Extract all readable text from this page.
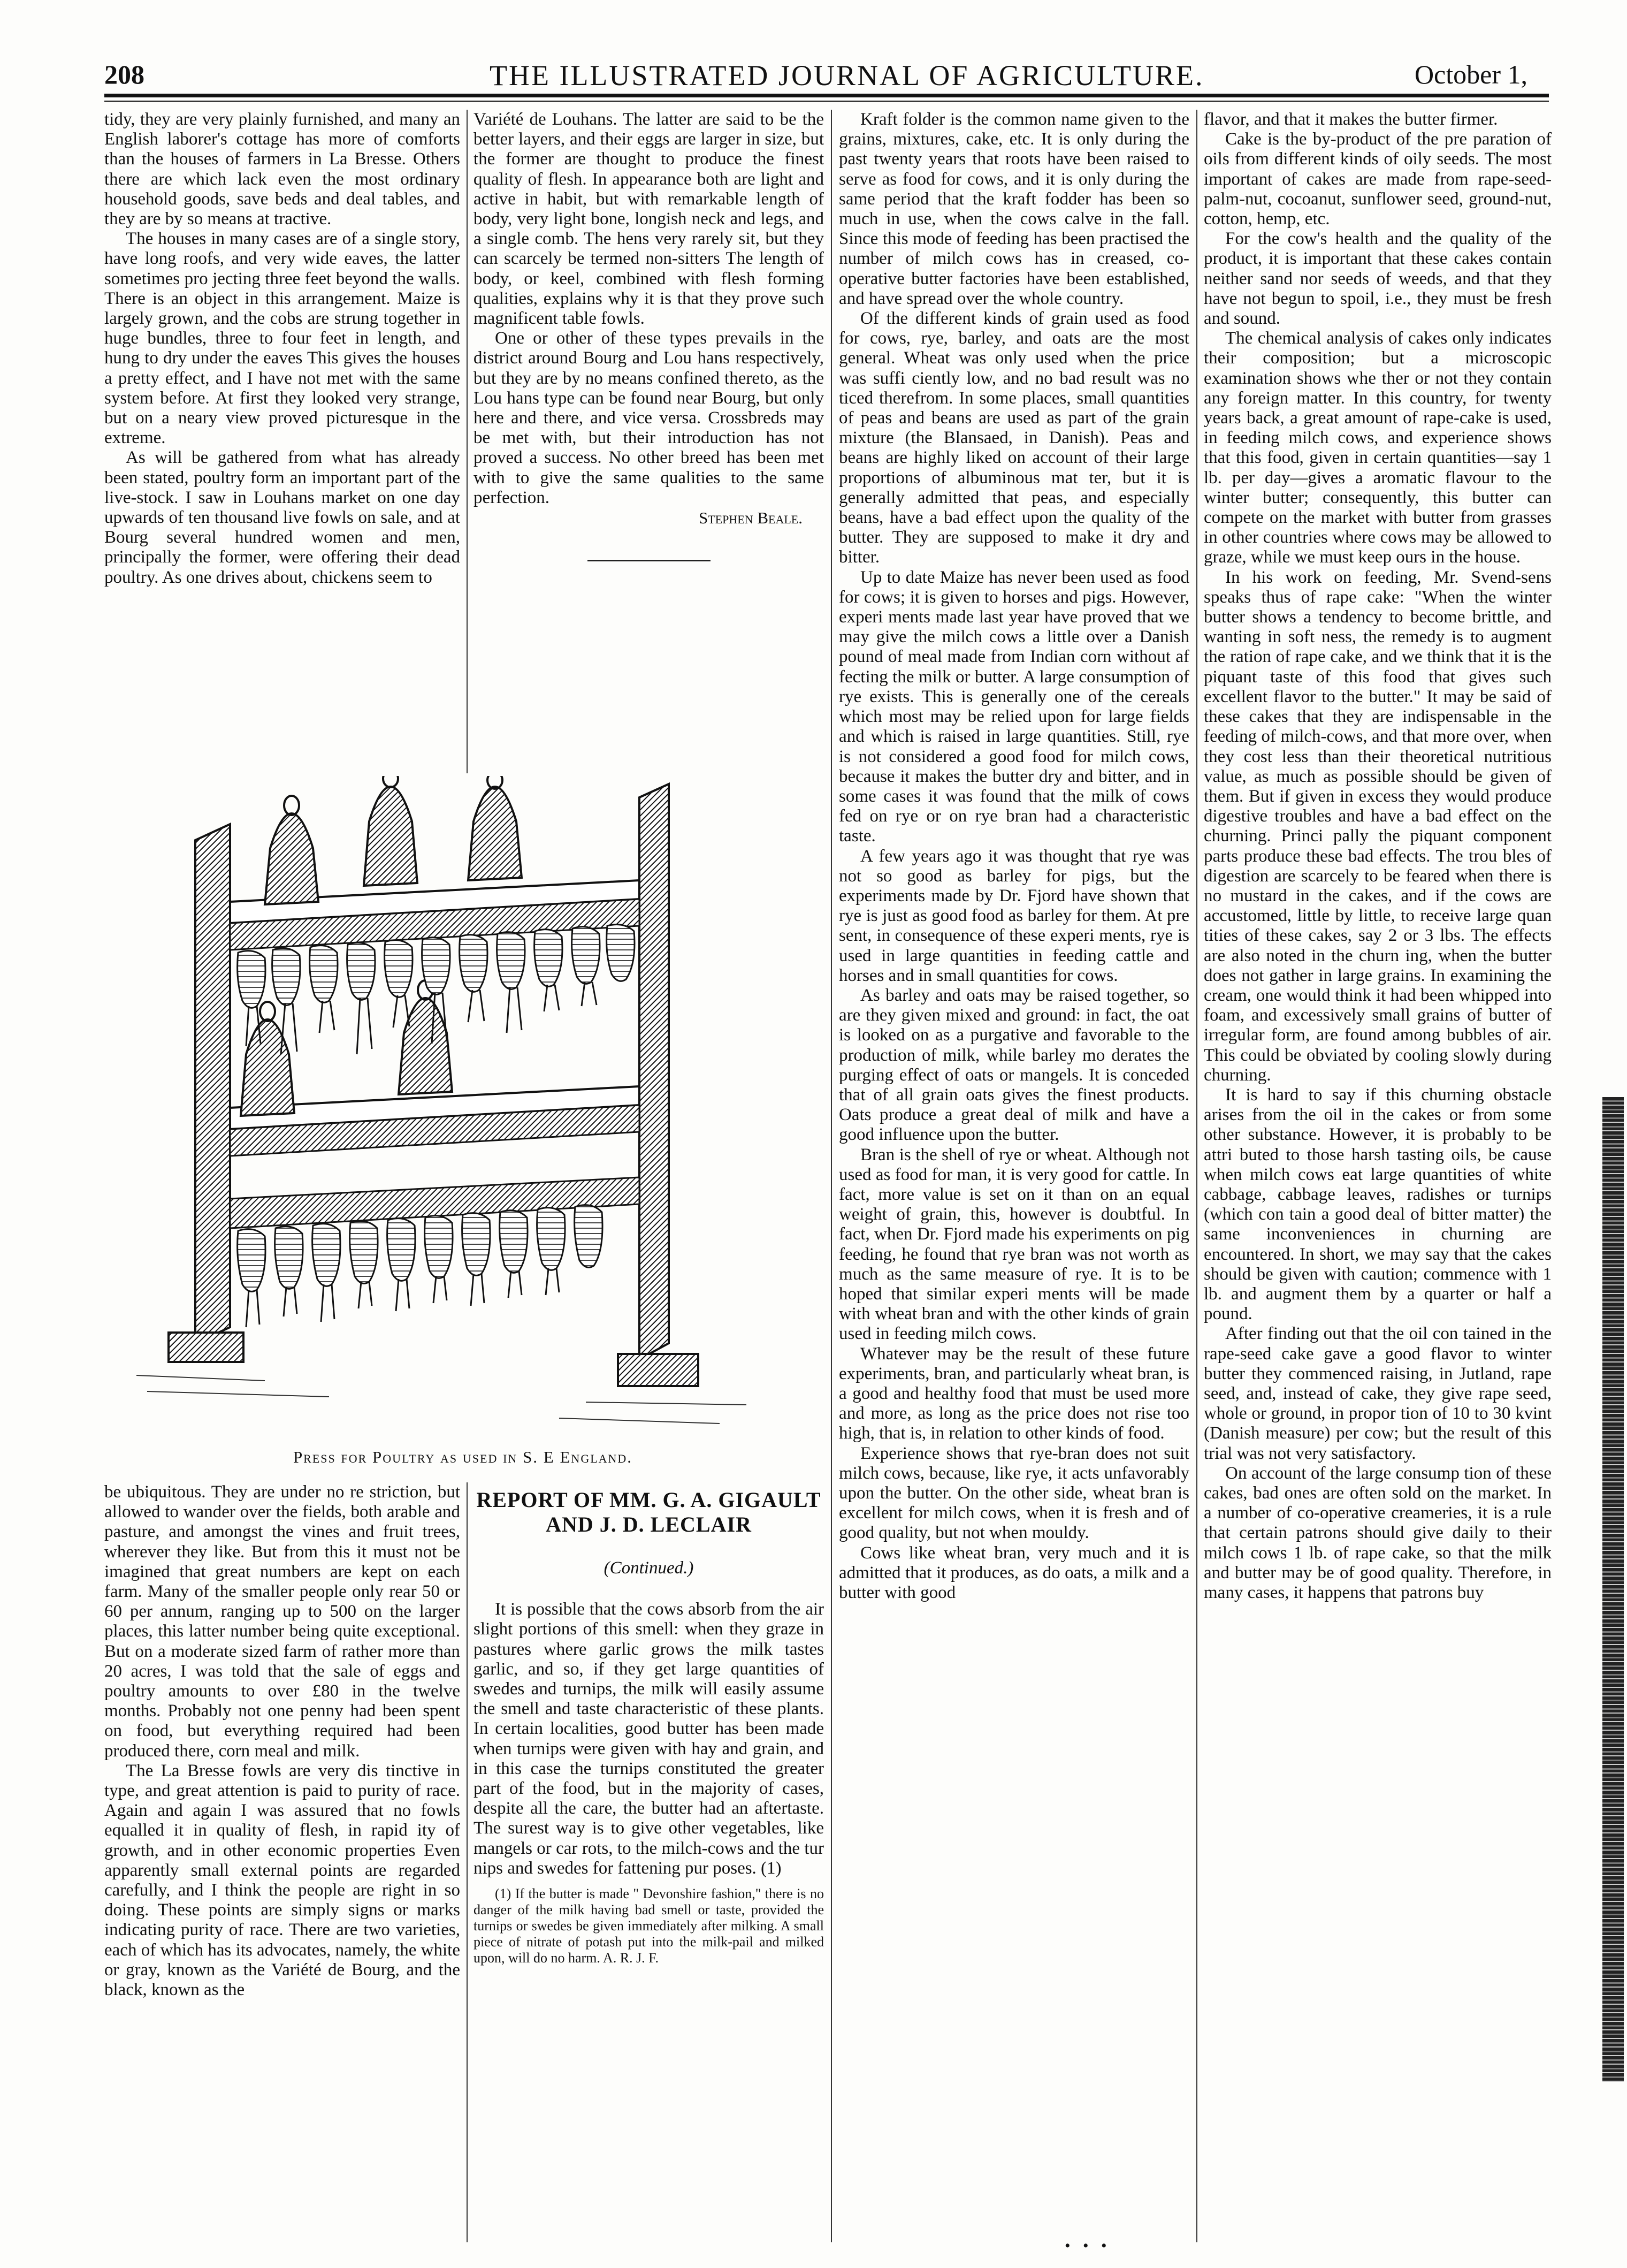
208	THE ILLUSTRATED JOURNAL OF AGRICULTURE.	October 1,

tidy, they are very plainly furnished, and many an English laborer's cottage has more of comforts than the houses of farmers in La Bresse. Others there are which lack even the most ordinary household goods, save beds and deal tables, and they are by so means at tractive.

The houses in many cases are of a single story, have long roofs, and very wide eaves, the latter sometimes pro jecting three feet beyond the walls. There is an object in this arrangement. Maize is largely grown, and the cobs are strung together in huge bundles, three to four feet in length, and hung to dry under the eaves This gives the houses a pretty effect, and I have not met with the same system before. At first they looked very strange, but on a neary view proved picturesque in the extreme.

As will be gathered from what has already been stated, poultry form an important part of the live-stock. I saw in Louhans market on one day upwards of ten thousand live fowls on sale, and at Bourg several hundred women and men, principally the former, were offering their dead poultry. As one drives about, chickens seem to

Variété de Louhans. The latter are said to be the better layers, and their eggs are larger in size, but the former are thought to produce the finest quality of flesh. In appearance both are light and active in habit, but with remarkable length of body, very light bone, longish neck and legs, and a single comb. The hens very rarely sit, but they can scarcely be termed non-sitters The length of body, or keel, combined with flesh forming qualities, explains why it is that they prove such magnificent table fowls.

One or other of these types prevails in the district around Bourg and Lou hans respectively, but they are by no means confined thereto, as the Lou hans type can be found near Bourg, but only here and there, and vice versa. Crossbreds may be met with, but their introduction has not proved a success. No other breed has been met with to give the same qualities to the same perfection.

Stephen Beale.
Press for Poultry as used in S. E England.

be ubiquitous. They are under no re striction, but allowed to wander over the fields, both arable and pasture, and amongst the vines and fruit trees, wherever they like. But from this it must not be imagined that great numbers are kept on each farm. Many of the smaller people only rear 50 or 60 per annum, ranging up to 500 on the larger places, this latter number being quite exceptional. But on a moderate sized farm of rather more than 20 acres, I was told that the sale of eggs and poultry amounts to over £80 in the twelve months. Probably not one penny had been spent on food, but everything required had been produced there, corn meal and milk.

The La Bresse fowls are very dis tinctive in type, and great attention is paid to purity of race. Again and again I was assured that no fowls equalled it in quality of flesh, in rapid ity of growth, and in other economic properties Even apparently small external points are regarded carefully, and I think the people are right in so doing. These points are simply signs or marks indicating purity of race. There are two varieties, each of which has its advocates, namely, the white or gray, known as the Variété de Bourg, and the black, known as the

REPORT OF MM. G. A. GIGAULT AND J. D. LECLAIR
(Continued.)

It is possible that the cows absorb from the air slight portions of this smell: when they graze in pastures where garlic grows the milk tastes garlic, and so, if they get large quantities of swedes and turnips, the milk will easily assume the smell and taste characteristic of these plants. In certain localities, good butter has been made when turnips were given with hay and grain, and in this case the turnips constituted the greater part of the food, but in the majority of cases, despite all the care, the butter had an aftertaste. The surest way is to give other vegetables, like mangels or car rots, to the milch-cows and the tur nips and swedes for fattening pur poses. (1)

(1) If the butter is made " Devonshire fashion," there is no danger of the milk having bad smell or taste, provided the turnips or swedes be given immediately after milking. A small piece of nitrate of potash put into the milk-pail and milked upon, will do no harm. A. R. J. F.

Kraft folder is the common name given to the grains, mixtures, cake, etc. It is only during the past twenty years that roots have been raised to serve as food for cows, and it is only during the same period that the kraft fodder has been so much in use, when the cows calve in the fall. Since this mode of feeding has been practised the number of milch cows has in creased, co-operative butter factories have been established, and have spread over the whole country.

Of the different kinds of grain used as food for cows, rye, barley, and oats are the most general. Wheat was only used when the price was suffi ciently low, and no bad result was no ticed therefrom. In some places, small quantities of peas and beans are used as part of the grain mixture (the Blansaed, in Danish). Peas and beans are highly liked on account of their large proportions of albuminous mat ter, but it is generally admitted that peas, and especially beans, have a bad effect upon the quality of the butter. They are supposed to make it dry and bitter.

Up to date Maize has never been used as food for cows; it is given to horses and pigs. However, experi ments made last year have proved that we may give the milch cows a little over a Danish pound of meal made from Indian corn without af fecting the milk or butter. A large consumption of rye exists. This is generally one of the cereals which most may be relied upon for large fields and which is raised in large quantities. Still, rye is not considered a good food for milch cows, because it makes the butter dry and bitter, and in some cases it was found that the milk of cows fed on rye or on rye bran had a characteristic taste.

A few years ago it was thought that rye was not so good as barley for pigs, but the experiments made by Dr. Fjord have shown that rye is just as good food as barley for them. At pre sent, in consequence of these experi ments, rye is used in large quantities in feeding cattle and horses and in small quantities for cows.

As barley and oats may be raised together, so are they given mixed and ground: in fact, the oat is looked on as a purgative and favorable to the production of milk, while barley mo derates the purging effect of oats or mangels. It is conceded that of all grain oats gives the finest products. Oats produce a great deal of milk and have a good influence upon the butter.

Bran is the shell of rye or wheat. Although not used as food for man, it is very good for cattle. In fact, more value is set on it than on an equal weight of grain, this, however is doubtful. In fact, when Dr. Fjord made his experiments on pig feeding, he found that rye bran was not worth as much as the same measure of rye. It is to be hoped that similar experi ments will be made with wheat bran and with the other kinds of grain used in feeding milch cows.

Whatever may be the result of these future experiments, bran, and particularly wheat bran, is a good and healthy food that must be used more and more, as long as the price does not rise too high, that is, in relation to other kinds of food.

Experience shows that rye-bran does not suit milch cows, because, like rye, it acts unfavorably upon the butter. On the other side, wheat bran is excellent for milch cows, when it is fresh and of good quality, but not when mouldy.

Cows like wheat bran, very much and it is admitted that it produces, as do oats, a milk and a butter with good

flavor, and that it makes the butter firmer.

Cake is the by-product of the pre paration of oils from different kinds of oily seeds. The most important of cakes are made from rape-seed-palm-nut, cocoanut, sunflower seed, ground-nut, cotton, hemp, etc.

For the cow's health and the quality of the product, it is important that these cakes contain neither sand nor seeds of weeds, and that they have not begun to spoil, i.e., they must be fresh and sound.

The chemical analysis of cakes only indicates their composition; but a microscopic examination shows whe ther or not they contain any foreign matter. In this country, for twenty years back, a great amount of rape-cake is used, in feeding milch cows, and experience shows that this food, given in certain quantities—say 1 lb. per day—gives a aromatic flavour to the winter butter; consequently, this butter can compete on the market with butter from grasses in other countries where cows may be allowed to graze, while we must keep ours in the house.

In his work on feeding, Mr. Svend-sens speaks thus of rape cake: "When the winter butter shows a tendency to become brittle, and wanting in soft ness, the remedy is to augment the ration of rape cake, and we think that it is the piquant taste of this food that gives such excellent flavor to the butter." It may be said of these cakes that they are indispensable in the feeding of milch-cows, and that more over, when they cost less than their theoretical nutritious value, as much as possible should be given of them. But if given in excess they would produce digestive troubles and have a bad effect on the churning. Princi pally the piquant component parts produce these bad effects. The trou bles of digestion are scarcely to be feared when there is no mustard in the cakes, and if the cows are accustomed, little by little, to receive large quan tities of these cakes, say 2 or 3 lbs. The effects are also noted in the churn ing, when the butter does not gather in large grains. In examining the cream, one would think it had been whipped into foam, and excessively small grains of butter of irregular form, are found among bubbles of air. This could be obviated by cooling slowly during churning.

It is hard to say if this churning obstacle arises from the oil in the cakes or from some other substance. However, it is probably to be attri buted to those harsh tasting oils, be cause when milch cows eat large quantities of white cabbage, cabbage leaves, radishes or turnips (which con tain a good deal of bitter matter) the same inconveniences in churning are encountered. In short, we may say that the cakes should be given with caution; commence with 1 lb. and augment them by a quarter or half a pound.

After finding out that the oil con tained in the rape-seed cake gave a good flavor to winter butter they commenced raising, in Jutland, rape seed, and, instead of cake, they give rape seed, whole or ground, in propor tion of 10 to 30 kvint (Danish measure) per cow; but the result of this trial was not very satisfactory.

On account of the large consump tion of these cakes, bad ones are often sold on the market. In a number of co-operative creameries, it is a rule that certain patrons should give daily to their milch cows 1 lb. of rape cake, so that the milk and butter may be of good quality. Therefore, in many cases, it happens that patrons buy

• • •
